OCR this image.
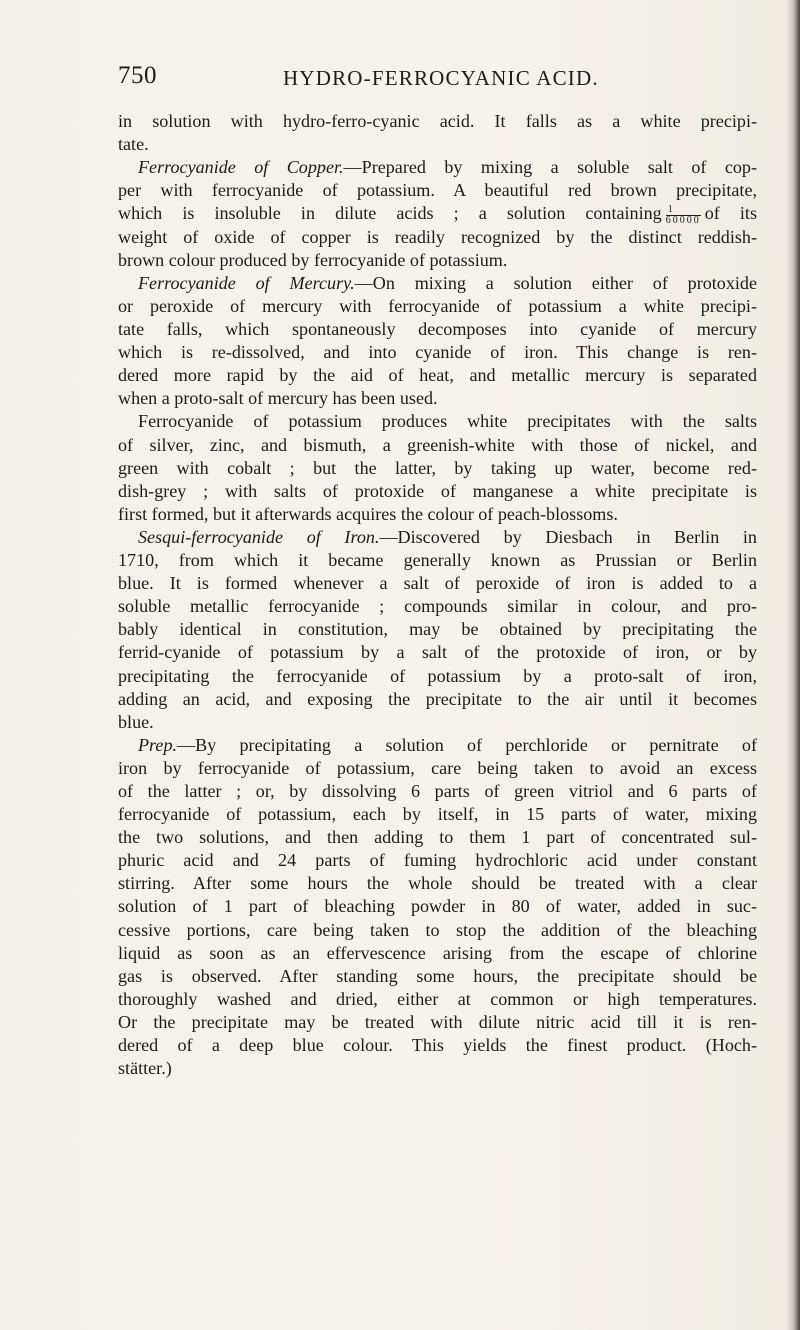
750	HYDRO-FERROCYANIC ACID.

in solution with hydro-ferro-cyanic acid. It falls as a white precipi-

tate.

Ferrocyanide of Copper.—Prepared by mixing a soluble salt of cop-

per with ferrocyanide of potassium. A beautiful red brown precipitate,

which is insoluble in dilute acids ; a solution containing $\frac{1}{60000}$ of its

weight of oxide of copper is readily recognized by the distinct reddish-

brown colour produced by ferrocyanide of potassium.

Ferrocyanide of Mercury.—On mixing a solution either of protoxide

or peroxide of mercury with ferrocyanide of potassium a white precipi-

tate falls, which spontaneously decomposes into cyanide of mercury

which is re-dissolved, and into cyanide of iron. This change is ren-

dered more rapid by the aid of heat, and metallic mercury is separated

when a proto-salt of mercury has been used.

Ferrocyanide of potassium produces white precipitates with the salts

of silver, zinc, and bismuth, a greenish-white with those of nickel, and

green with cobalt ; but the latter, by taking up water, become red-

dish-grey ; with salts of protoxide of manganese a white precipitate is

first formed, but it afterwards acquires the colour of peach-blossoms.

Sesqui-ferrocyanide of Iron.—Discovered by Diesbach in Berlin in

1710, from which it became generally known as Prussian or Berlin

blue. It is formed whenever a salt of peroxide of iron is added to a

soluble metallic ferrocyanide ; compounds similar in colour, and pro-

bably identical in constitution, may be obtained by precipitating the

ferrid-cyanide of potassium by a salt of the protoxide of iron, or by

precipitating the ferrocyanide of potassium by a proto-salt of iron,

adding an acid, and exposing the precipitate to the air until it becomes

blue.

Prep.—By precipitating a solution of perchloride or pernitrate of

iron by ferrocyanide of potassium, care being taken to avoid an excess

of the latter ; or, by dissolving 6 parts of green vitriol and 6 parts of

ferrocyanide of potassium, each by itself, in 15 parts of water, mixing

the two solutions, and then adding to them 1 part of concentrated sul-

phuric acid and 24 parts of fuming hydrochloric acid under constant

stirring. After some hours the whole should be treated with a clear

solution of 1 part of bleaching powder in 80 of water, added in suc-

cessive portions, care being taken to stop the addition of the bleaching

liquid as soon as an effervescence arising from the escape of chlorine

gas is observed. After standing some hours, the precipitate should be

thoroughly washed and dried, either at common or high temperatures.

Or the precipitate may be treated with dilute nitric acid till it is ren-

dered of a deep blue colour. This yields the finest product. (Hoch-

stätter.)
